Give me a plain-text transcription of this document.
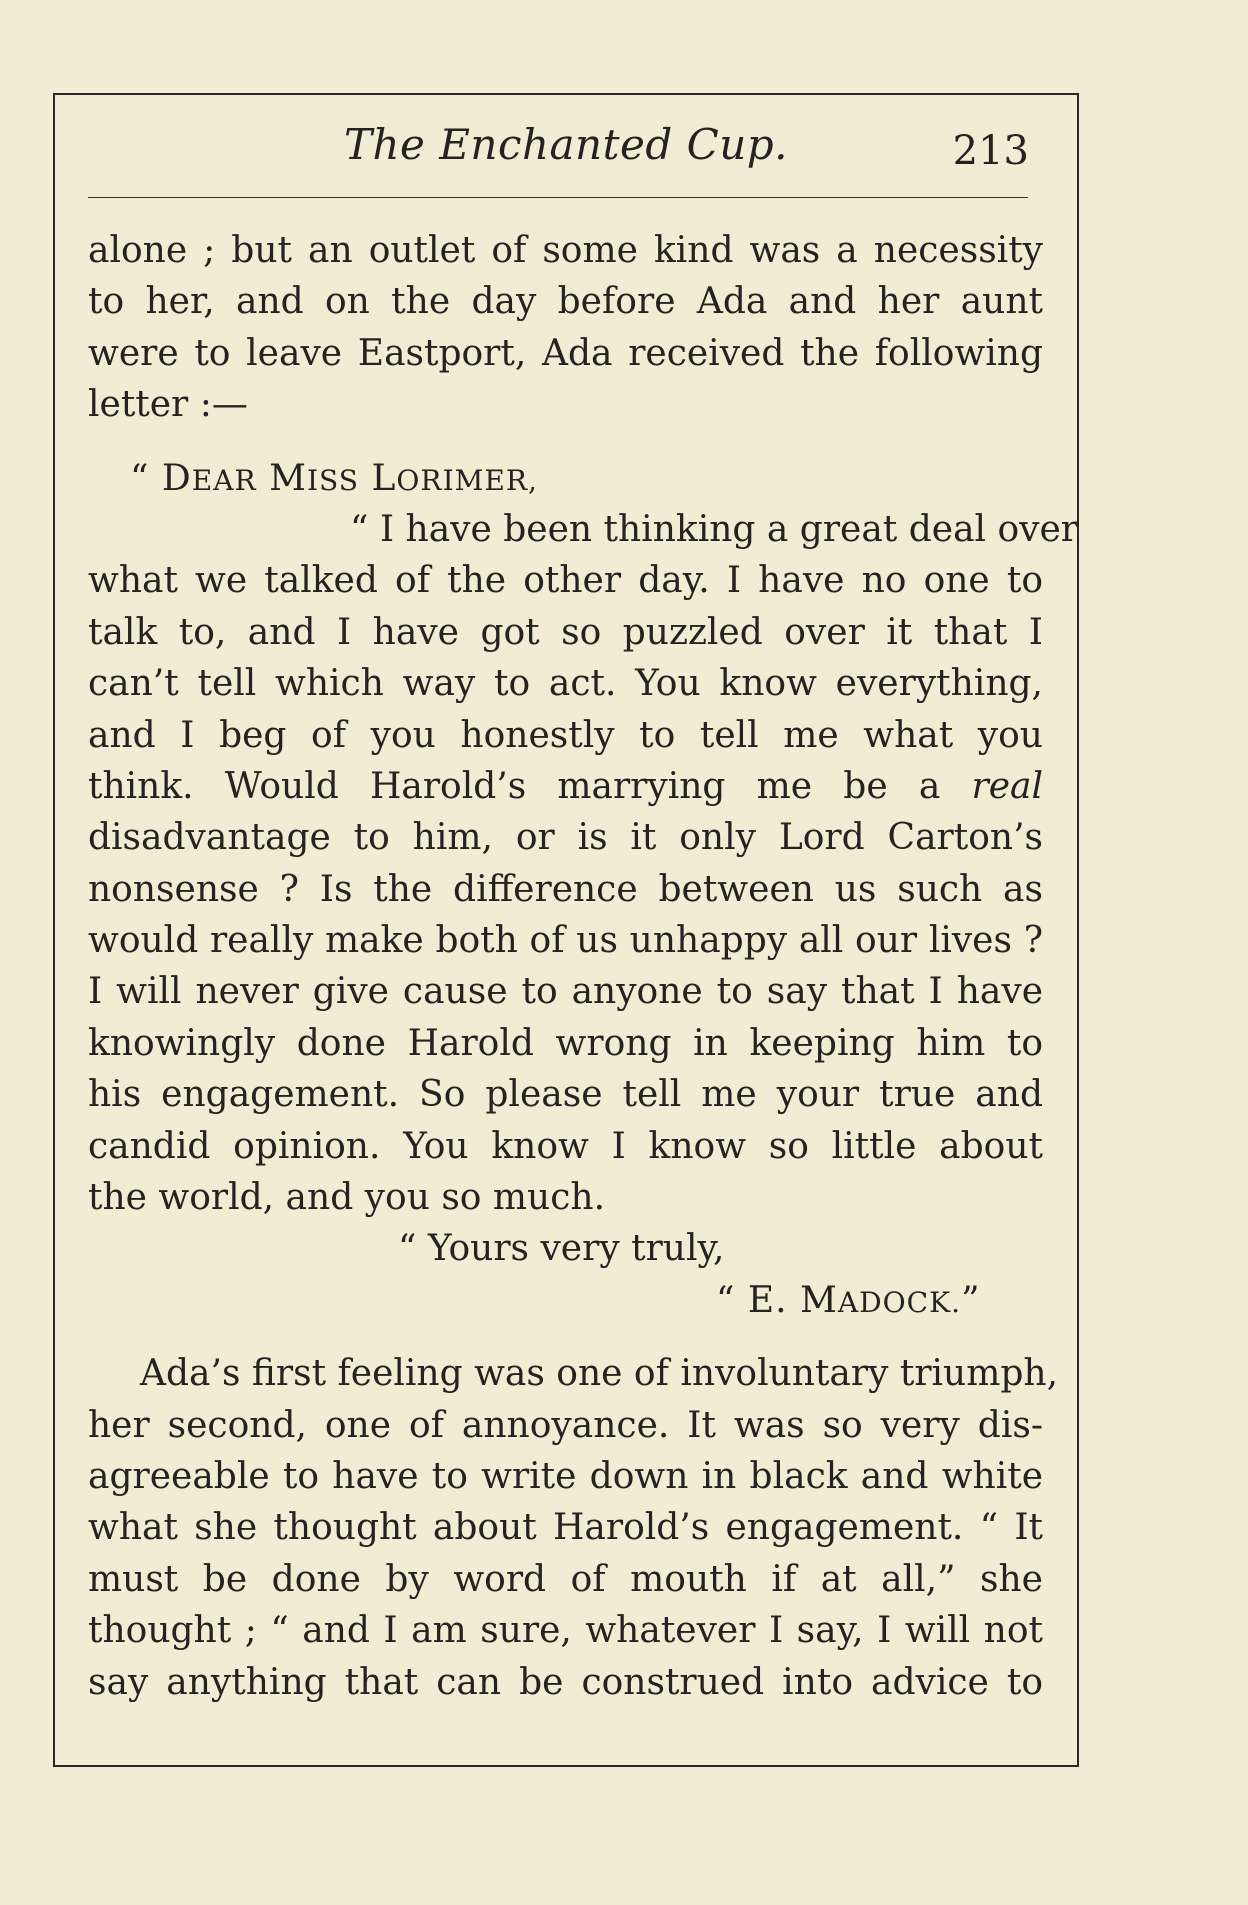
The Enchanted Cup.	213
alone ; but an outlet of some kind was a necessity
to her, and on the day before Ada and her aunt
were to leave Eastport, Ada received the following
letter :—
“ DEAR MISS LORIMER,
“ I have been thinking a great deal over
what we talked of the other day. I have no one to
talk to, and I have got so puzzled over it that I
can’t tell which way to act. You know everything,
and I beg of you honestly to tell me what you
think. Would Harold’s marrying me be a real
disadvantage to him, or is it only Lord Carton’s
nonsense ? Is the difference between us such as
would really make both of us unhappy all our lives ?
I will never give cause to anyone to say that I have
knowingly done Harold wrong in keeping him to
his engagement. So please tell me your true and
candid opinion. You know I know so little about
the world, and you so much.
“ Yours very truly,
“ E. MADOCK.”
Ada’s first feeling was one of involuntary triumph,
her second, one of annoyance. It was so very dis-
agreeable to have to write down in black and white
what she thought about Harold’s engagement. “ It
must be done by word of mouth if at all,” she
thought ; “ and I am sure, whatever I say, I will not
say anything that can be construed into advice to
